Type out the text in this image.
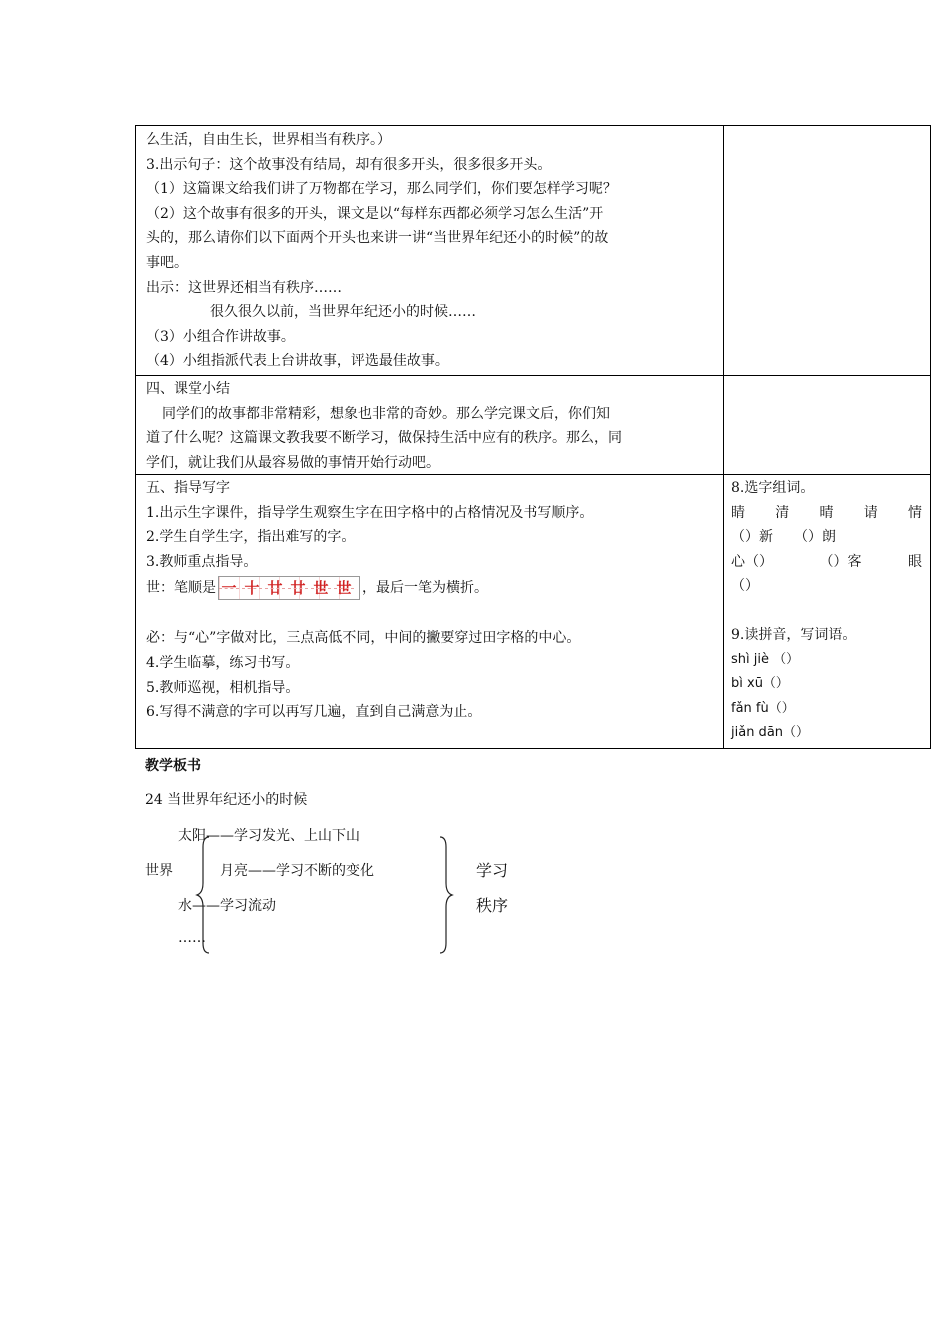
么生活，自由生长，世界相当有秩序。）
3.出示句子：这个故事没有结局，却有很多开头，很多很多开头。
（1）这篇课文给我们讲了万物都在学习，那么同学们，你们要怎样学习呢？
（2）这个故事有很多的开头，课文是以“每样东西都必须学习怎么生活”开
头的，那么请你们以下面两个开头也来讲一讲“当世界年纪还小的时候”的故
事吧。
出示：这世界还相当有秩序……
很久很久以前，当世界年纪还小的时候……
（3）小组合作讲故事。
（4）小组指派代表上台讲故事，评选最佳故事。
四、课堂小结
同学们的故事都非常精彩，想象也非常的奇妙。那么学完课文后，你们知
道了什么呢？这篇课文教我要不断学习，做保持生活中应有的秩序。那么，同
学们，就让我们从最容易做的事情开始行动吧。
五、指导写字
1.出示生字课件，指导学生观察生字在田字格中的占格情况及书写顺序。
2.学生自学生字，指出难写的字。
3.教师重点指导。
世：笔顺是 一 十 廿 廿 世 世 ，最后一笔为横折。
必：与“心”字做对比，三点高低不同，中间的撇要穿过田字格的中心。
4.学生临摹，练习书写。
5.教师巡视，相机指导。
6.写得不满意的字可以再写几遍，直到自己满意为止。
8.选字组词。
睛 清 晴 请 情
（）新　　（）朗
心（）	（）客	眼
（）
9.读拼音，写词语。
shì jiè （）
bì xū（）
fǎn fù（）
jiǎn dān（）
教学板书
24 当世界年纪还小的时候
太阳——学习发光、上山下山
世界	月亮——学习不断的变化
水——学习流动
……
学习
秩序
